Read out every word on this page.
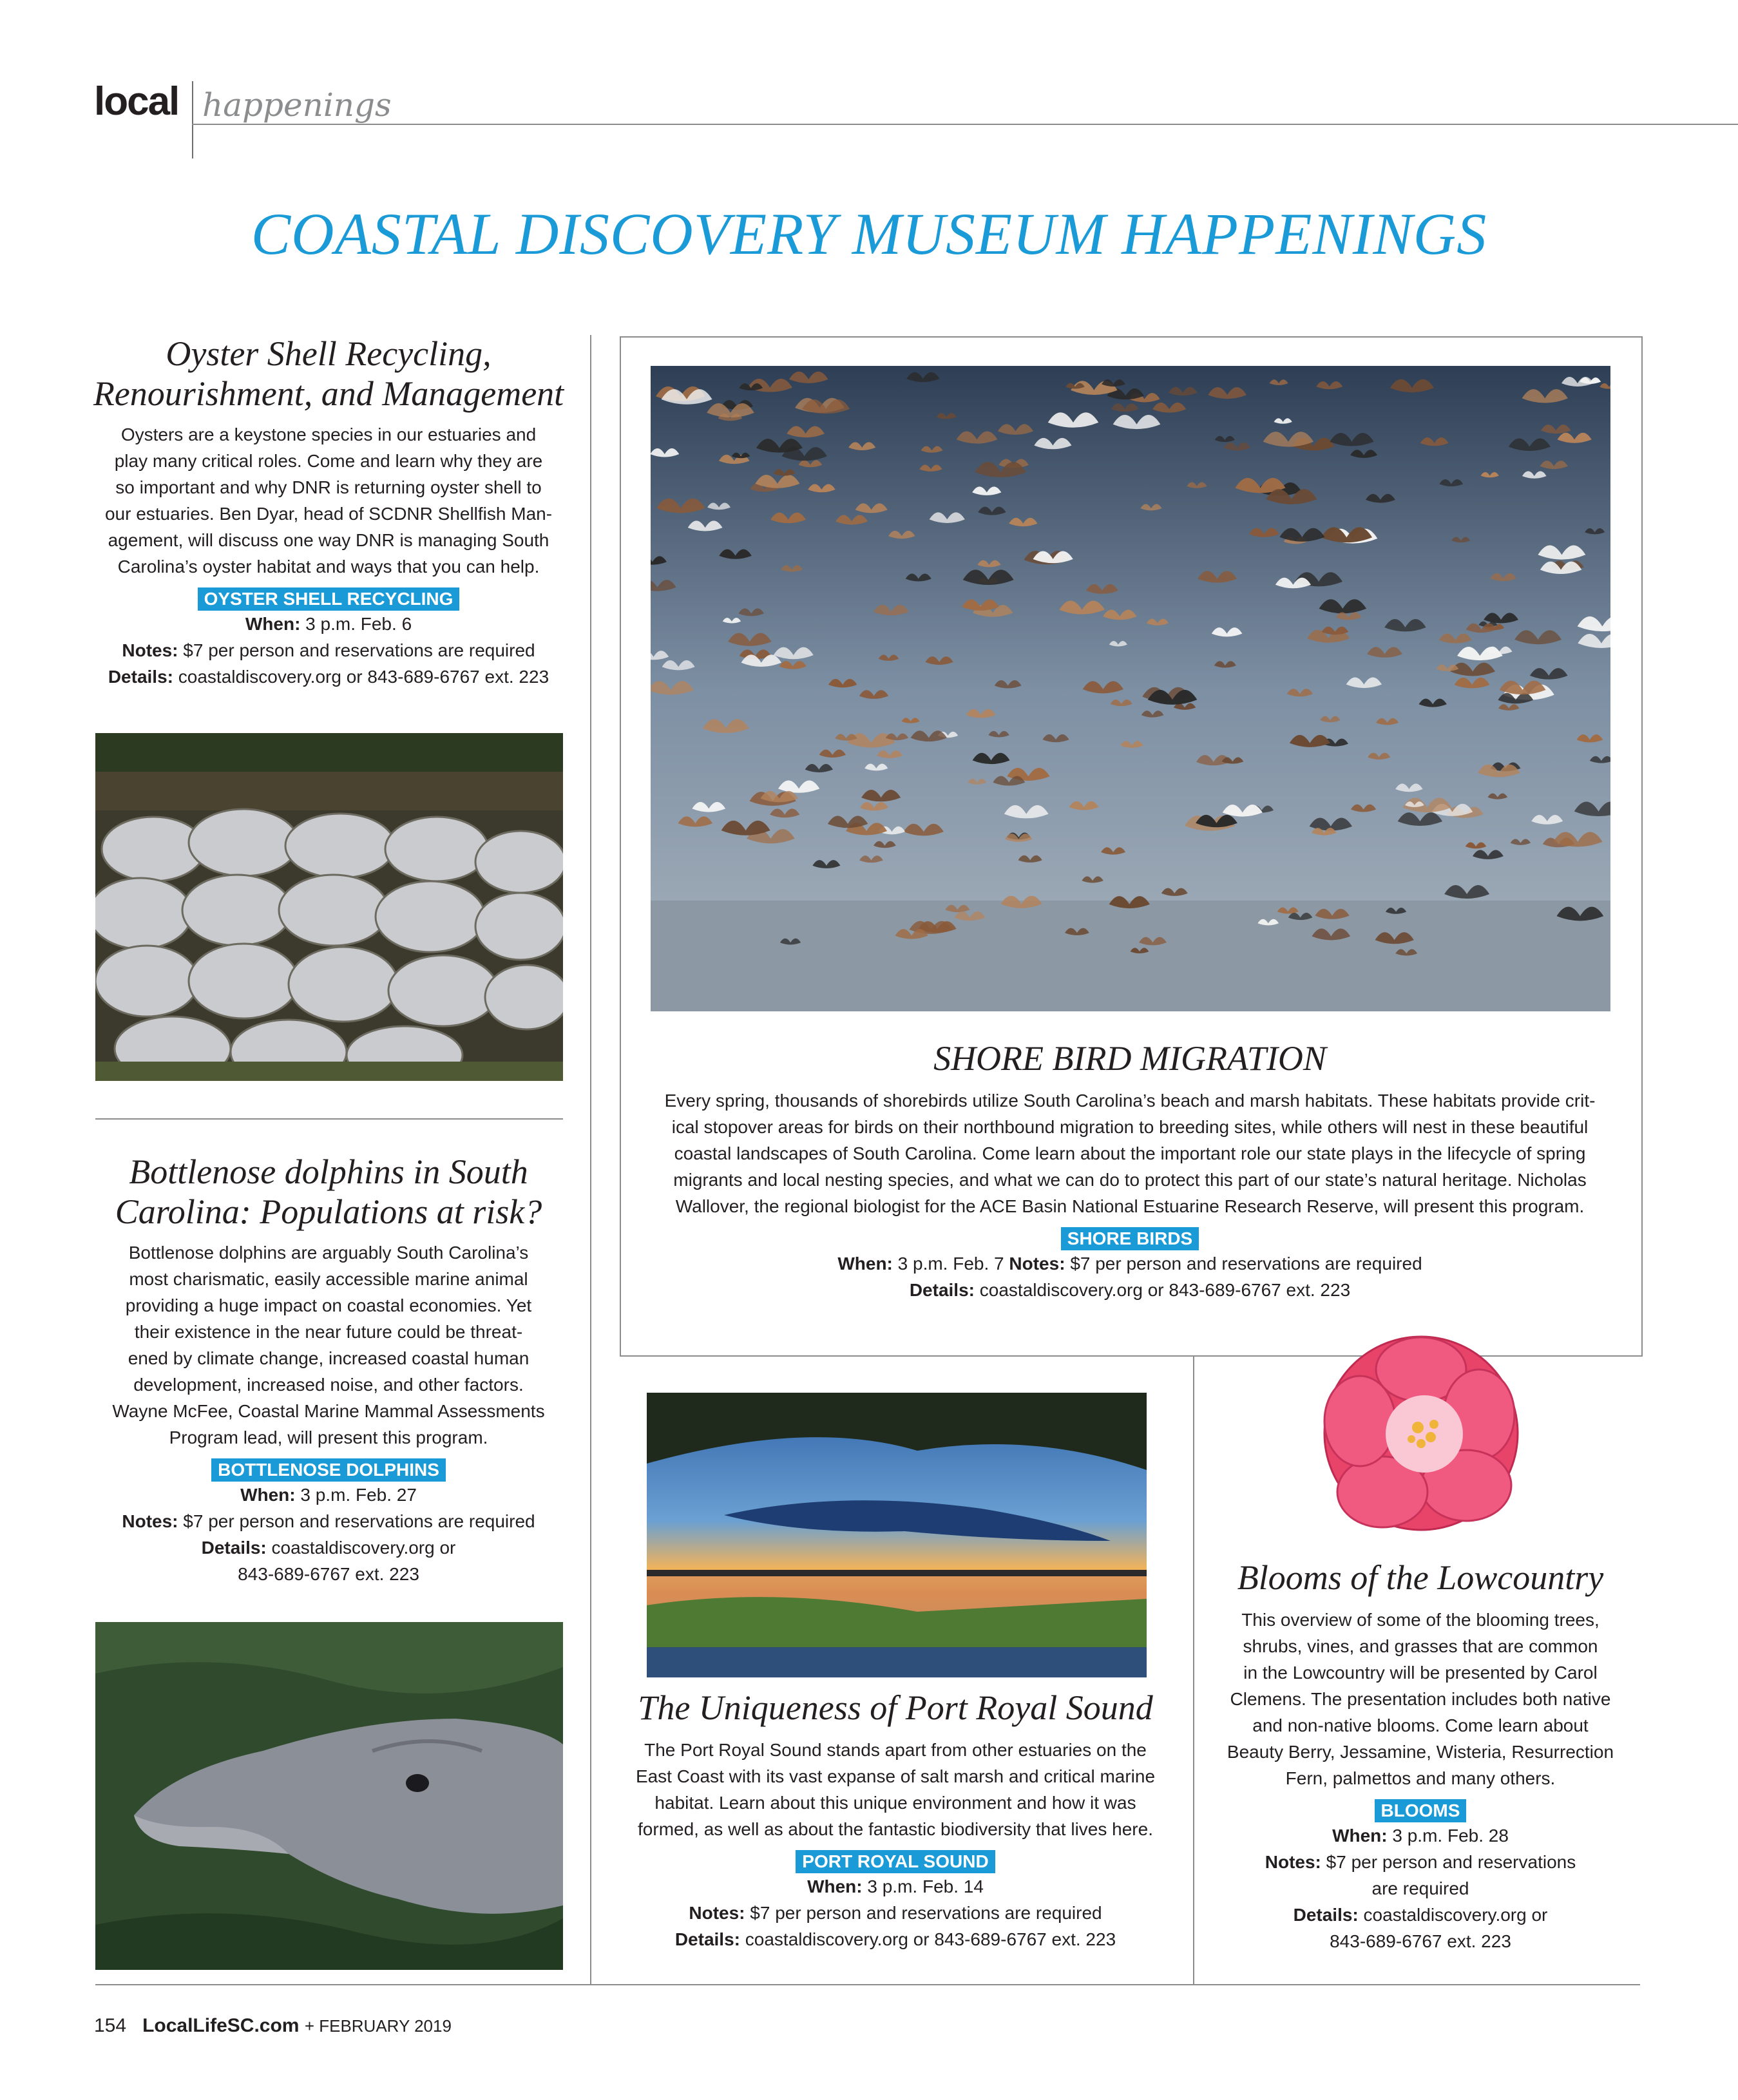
local happenings
COASTAL DISCOVERY MUSEUM HAPPENINGS
Oyster Shell Recycling,
Renourishment, and Management
Oysters are a keystone species in our estuaries and
play many critical roles. Come and learn why they are
so important and why DNR is returning oyster shell to
our estuaries. Ben Dyar, head of SCDNR Shellfish Man-
agement, will discuss one way DNR is managing South
Carolina’s oyster habitat and ways that you can help.
OYSTER SHELL RECYCLING
When: 3 p.m. Feb. 6
Notes: $7 per person and reservations are required
Details: coastaldiscovery.org or 843-689-6767 ext. 223
Bottlenose dolphins in South
Carolina: Populations at risk?
Bottlenose dolphins are arguably South Carolina’s
most charismatic, easily accessible marine animal
providing a huge impact on coastal economies. Yet
their existence in the near future could be threat-
ened by climate change, increased coastal human
development, increased noise, and other factors.
Wayne McFee, Coastal Marine Mammal Assessments
Program lead, will present this program.
BOTTLENOSE DOLPHINS
When: 3 p.m. Feb. 27
Notes: $7 per person and reservations are required
Details: coastaldiscovery.org or
843-689-6767 ext. 223
SHORE BIRD MIGRATION
Every spring, thousands of shorebirds utilize South Carolina’s beach and marsh habitats. These habitats provide crit-
ical stopover areas for birds on their northbound migration to breeding sites, while others will nest in these beautiful
coastal landscapes of South Carolina. Come learn about the important role our state plays in the lifecycle of spring
migrants and local nesting species, and what we can do to protect this part of our state’s natural heritage. Nicholas
Wallover, the regional biologist for the ACE Basin National Estuarine Research Reserve, will present this program.
SHORE BIRDS
When: 3 p.m. Feb. 7 Notes: $7 per person and reservations are required
Details: coastaldiscovery.org or 843-689-6767 ext. 223
The Uniqueness of Port Royal Sound
The Port Royal Sound stands apart from other estuaries on the
East Coast with its vast expanse of salt marsh and critical marine
habitat. Learn about this unique environment and how it was
formed, as well as about the fantastic biodiversity that lives here.
PORT ROYAL SOUND
When: 3 p.m. Feb. 14
Notes: $7 per person and reservations are required
Details: coastaldiscovery.org or 843-689-6767 ext. 223
Blooms of the Lowcountry
This overview of some of the blooming trees,
shrubs, vines, and grasses that are common
in the Lowcountry will be presented by Carol
Clemens. The presentation includes both native
and non-native blooms. Come learn about
Beauty Berry, Jessamine, Wisteria, Resurrection
Fern, palmettos and many others.
BLOOMS
When: 3 p.m. Feb. 28
Notes: $7 per person and reservations
are required
Details: coastaldiscovery.org or
843-689-6767 ext. 223
154 LocalLifeSC.com + FEBRUARY 2019
